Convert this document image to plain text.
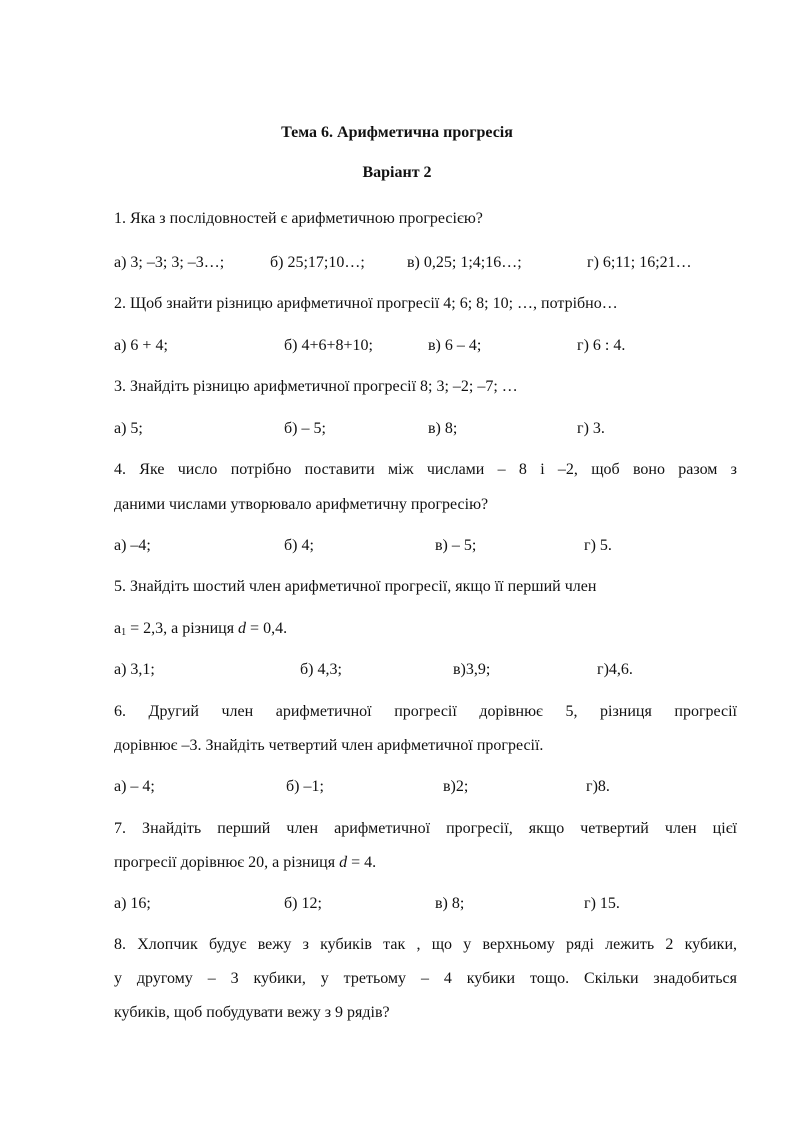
Тема 6. Арифметична прогресія
Варіант 2
1. Яка з послідовностей є арифметичною прогресією?
а) 3; –3; 3; –3…;	б) 25;17;10…;	в) 0,25; 1;4;16…;	г) 6;11; 16;21…
2. Щоб знайти різницю арифметичної прогресії 4; 6; 8; 10; …, потрібно…
а) 6 + 4;	б) 4+6+8+10;	в) 6 – 4;	г) 6 : 4.
3. Знайдіть різницю арифметичної прогресії 8; 3; –2; –7; …
а) 5;	б) – 5;	в) 8;	г) 3.
4. Яке число потрібно поставити між числами – 8 і –2, щоб воно разом з
даними числами утворювало арифметичну прогресію?
а) –4;	б) 4;	в) – 5;	г) 5.
5. Знайдіть шостий член арифметичної прогресії, якщо її перший член
$a_1 = 2,3$, а різниця d = 0,4.
а) 3,1;	б) 4,3;	в)3,9;	г)4,6.
6. Другий член арифметичної прогресії дорівнює 5, різниця прогресії
дорівнює –3. Знайдіть четвертий член арифметичної прогресії.
а) – 4;	б) –1;	в)2;	г)8.
7. Знайдіть перший член арифметичної прогресії, якщо четвертий член цієї
прогресії дорівнює 20, а різниця d = 4.
а) 16;	б) 12;	в) 8;	г) 15.
8. Хлопчик будує вежу з кубиків так , що у верхньому ряді лежить 2 кубики,
у другому – 3 кубики, у третьому – 4 кубики тощо. Скільки знадобиться
кубиків, щоб побудувати вежу з 9 рядів?
